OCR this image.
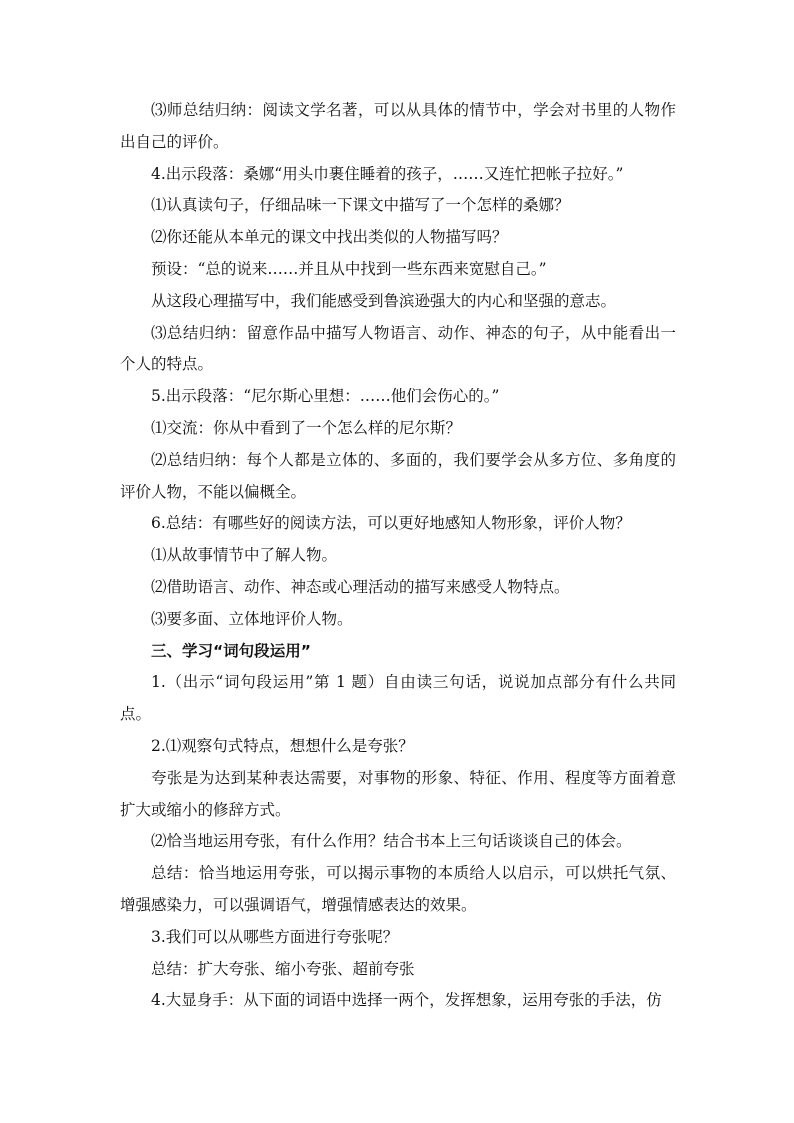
⑶师总结归纳：阅读文学名著，可以从具体的情节中，学会对书里的人物作出自己的评价。

4.出示段落：桑娜“用头巾裹住睡着的孩子，……又连忙把帐子拉好。”

⑴认真读句子，仔细品味一下课文中描写了一个怎样的桑娜？

⑵你还能从本单元的课文中找出类似的人物描写吗？

预设：“总的说来……并且从中找到一些东西来宽慰自己。”

从这段心理描写中，我们能感受到鲁滨逊强大的内心和坚强的意志。

⑶总结归纳：留意作品中描写人物语言、动作、神态的句子，从中能看出一个人的特点。

5.出示段落：“尼尔斯心里想：……他们会伤心的。”

⑴交流：你从中看到了一个怎么样的尼尔斯？

⑵总结归纳：每个人都是立体的、多面的，我们要学会从多方位、多角度的评价人物，不能以偏概全。

6.总结：有哪些好的阅读方法，可以更好地感知人物形象，评价人物？

⑴从故事情节中了解人物。

⑵借助语言、动作、神态或心理活动的描写来感受人物特点。

⑶要多面、立体地评价人物。

三、学习“词句段运用”

1.（出示“词句段运用”第 1 题）自由读三句话，说说加点部分有什么共同点。

2.⑴观察句式特点，想想什么是夸张？

夸张是为达到某种表达需要，对事物的形象、特征、作用、程度等方面着意扩大或缩小的修辞方式。

⑵恰当地运用夸张，有什么作用？结合书本上三句话谈谈自己的体会。

总结：恰当地运用夸张，可以揭示事物的本质给人以启示，可以烘托气氛、增强感染力，可以强调语气，增强情感表达的效果。

3.我们可以从哪些方面进行夸张呢？

总结：扩大夸张、缩小夸张、超前夸张

4.大显身手：从下面的词语中选择一两个，发挥想象，运用夸张的手法，仿
